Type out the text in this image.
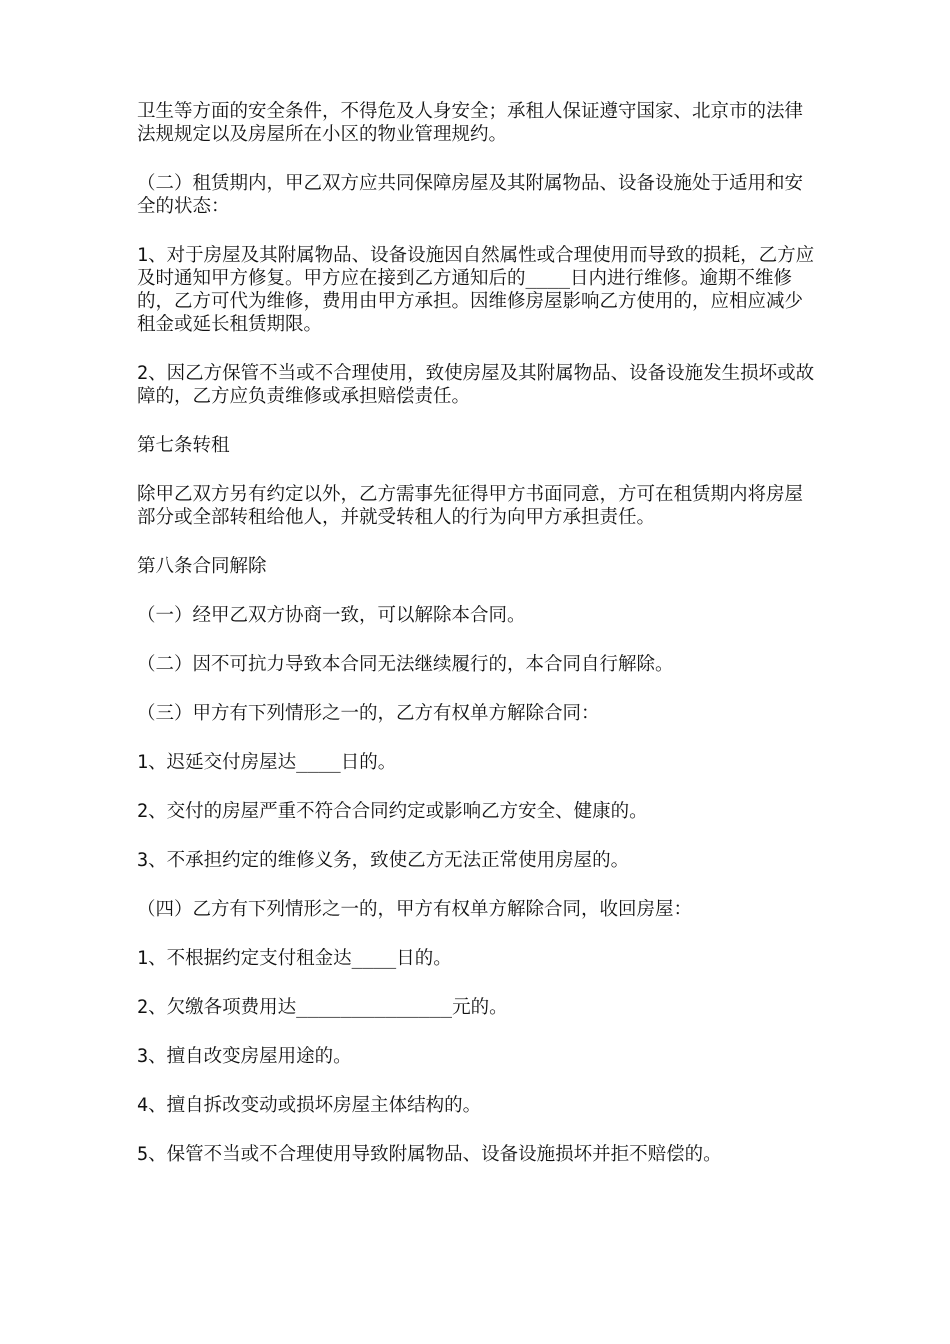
卫生等方面的安全条件，不得危及人身安全；承租人保证遵守国家、北京市的法律法规规定以及房屋所在小区的物业管理规约。

（二）租赁期内，甲乙双方应共同保障房屋及其附属物品、设备设施处于适用和安全的状态：

1、对于房屋及其附属物品、设备设施因自然属性或合理使用而导致的损耗，乙方应及时通知甲方修复。甲方应在接到乙方通知后的____日内进行维修。逾期不维修的，乙方可代为维修，费用由甲方承担。因维修房屋影响乙方使用的，应相应减少租金或延长租赁期限。

2、因乙方保管不当或不合理使用，致使房屋及其附属物品、设备设施发生损坏或故障的，乙方应负责维修或承担赔偿责任。

第七条转租

除甲乙双方另有约定以外，乙方需事先征得甲方书面同意，方可在租赁期内将房屋部分或全部转租给他人，并就受转租人的行为向甲方承担责任。

第八条合同解除

（一）经甲乙双方协商一致，可以解除本合同。

（二）因不可抗力导致本合同无法继续履行的，本合同自行解除。

（三）甲方有下列情形之一的，乙方有权单方解除合同：

1、迟延交付房屋达____日的。

2、交付的房屋严重不符合合同约定或影响乙方安全、健康的。

3、不承担约定的维修义务，致使乙方无法正常使用房屋的。

（四）乙方有下列情形之一的，甲方有权单方解除合同，收回房屋：

1、不根据约定支付租金达____日的。

2、欠缴各项费用达______________元的。

3、擅自改变房屋用途的。

4、擅自拆改变动或损坏房屋主体结构的。

5、保管不当或不合理使用导致附属物品、设备设施损坏并拒不赔偿的。
